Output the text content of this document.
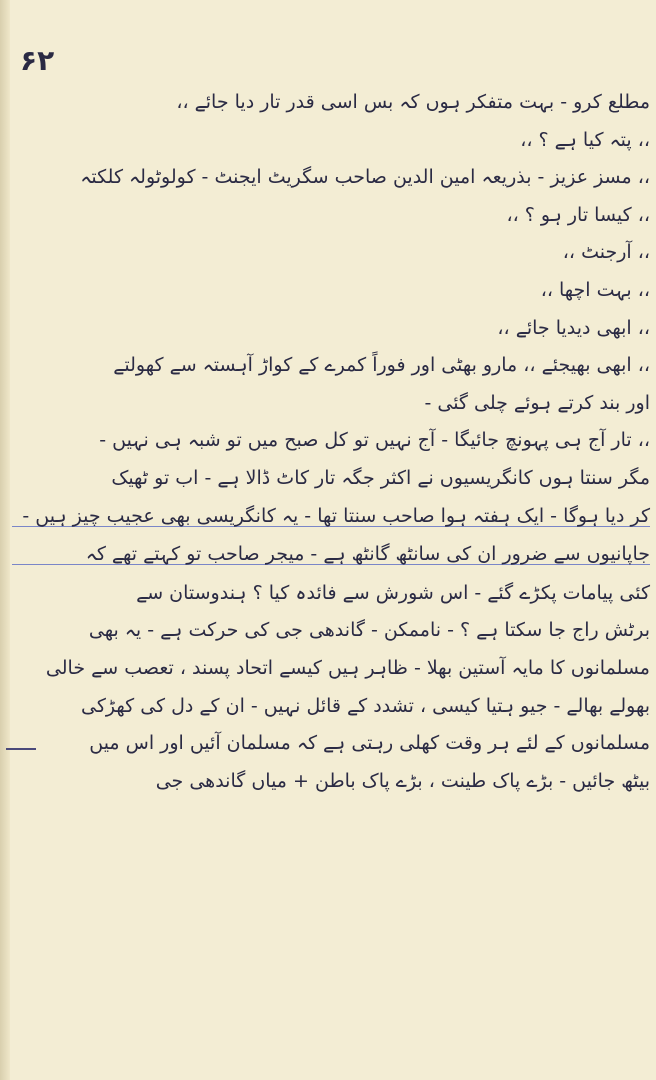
۶۲
مطلع کرو - بہت متفکر ہوں کہ بس اسی قدر تار دیا جائے ،،
،، پتہ کیا ہے ؟ ،،
،، مسز عزیز - بذریعہ امین الدین صاحب سگریٹ ایجنٹ - کولوٹولہ کلکتہ
،، کیسا تار ہو ؟ ،،
،، آرجنٹ ،،
،، بہت اچھا ،،
،، ابھی دیدیا جائے ،،
،، ابھی بھیجئے ،، مارو بھٹی اور فوراً کمرے کے کواڑ آہستہ سے کھولتے
اور بند کرتے ہوئے چلی گئی -
،، تار آج ہی پہونچ جائیگا - آج نہیں تو کل صبح میں تو شبہ ہی نہیں -
مگر سنتا ہوں کانگریسیوں نے اکثر جگہ تار کاٹ ڈالا ہے - اب تو ٹھیک
کر دیا ہوگا - ایک ہفتہ ہوا صاحب سنتا تھا - یہ کانگریسی بھی عجیب چیز ہیں -
جاپانیوں سے ضرور ان کی سانٹھ گانٹھ ہے - میجر صاحب تو کہتے تھے کہ
کئی پیامات پکڑے گئے - اس شورش سے فائدہ کیا ؟ ہندوستان سے
برٹش راج جا سکتا ہے ؟ - ناممکن - گاندھی جی کی حرکت ہے - یہ بھی
مسلمانوں کا مایہ آستین بھلا - ظاہر ہیں کیسے اتحاد پسند ، تعصب سے خالی
بھولے بھالے - جیو ہتیا کیسی ، تشدد کے قائل نہیں - ان کے دل کی کھڑکی
مسلمانوں کے لئے ہر وقت کھلی رہتی ہے کہ مسلمان آئیں اور اس میں
بیٹھ جائیں - بڑے پاک طینت ، بڑے پاک باطن + میاں گاندھی جی
